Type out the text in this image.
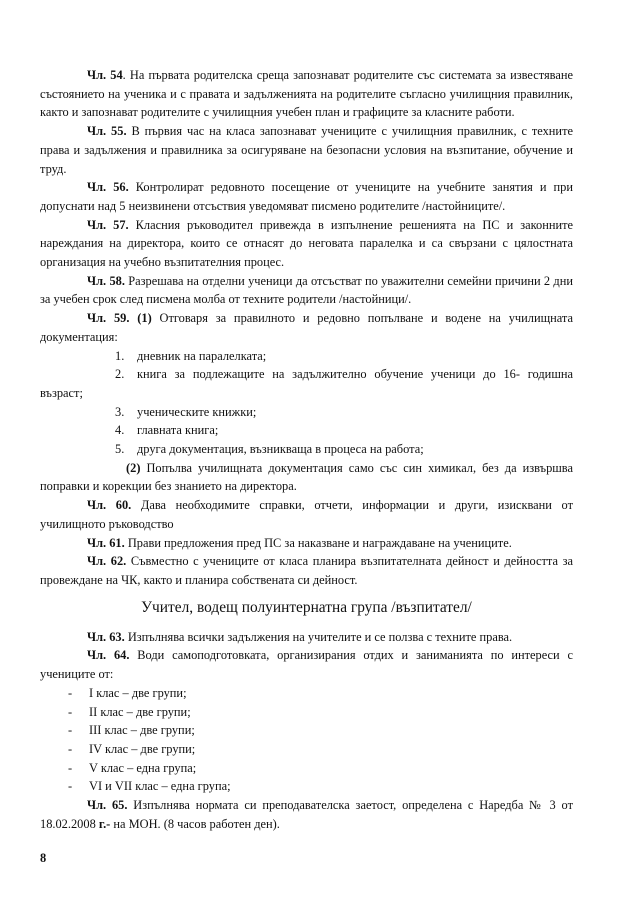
Чл. 54. На първата родителска среща запознават родителите със системата за известяване състоянието на ученика и с правата и задълженията на родителите съгласно училищния правилник, както и запознават родителите с училищния учебен план и графиците за класните работи.

Чл. 55. В първия час на класа запознават учениците с училищния правилник, с техните права и задължения и правилника за осигуряване на безопасни условия на възпитание, обучение и труд.

Чл. 56. Контролират редовното посещение от учениците на учебните занятия и при допуснати над 5 неизвинени отсъствия уведомяват писмено родителите /настойниците/.

Чл. 57. Класния ръководител привежда в изпълнение решенията на ПС и законните нареждания на директора, които се отнасят до неговата паралелка и са свързани с цялостната организация на учебно възпитателния процес.

Чл. 58. Разрешава на отделни ученици да отсъстват по уважителни семейни причини 2 дни за учебен срок след писмена молба от техните родители /настойници/.

Чл. 59. (1) Отговаря за правилното и редовно попълване и водене на училищната документация:

1. дневник на паралелката;

2. книга за подлежащите на задължително обучение ученици до 16- годишна възраст;

3. ученическите книжки;

4. главната книга;

5. друга документация, възникваща в процеса на работа;

(2) Попълва училищната документация само със син химикал, без да извършва поправки и корекции без знанието на директора.

Чл. 60. Дава необходимите справки, отчети, информации и други, изисквани от училищното ръководство

Чл. 61. Прави предложения пред ПС за наказване и награждаване на учениците.

Чл. 62. Съвместно с учениците от класа планира възпитателната дейност и дейността за провеждане на ЧК, както и планира собствената си дейност.

Учител, водещ полуинтернатна група /възпитател/

Чл. 63. Изпълнява всички задължения на учителите и се ползва с техните права.

Чл. 64. Води самоподготовката, организирания отдих и заниманията по интереси с учениците от:

- I клас – две групи;

- II клас – две групи;

- III клас – две групи;

- IV клас – две групи;

- V клас – една група;

- VI и VII клас – една група;

Чл. 65. Изпълнява нормата си преподавателска заетост, определена с Наредба № 3 от 18.02.2008 г.- на МОН. (8 часов работен ден).

8
